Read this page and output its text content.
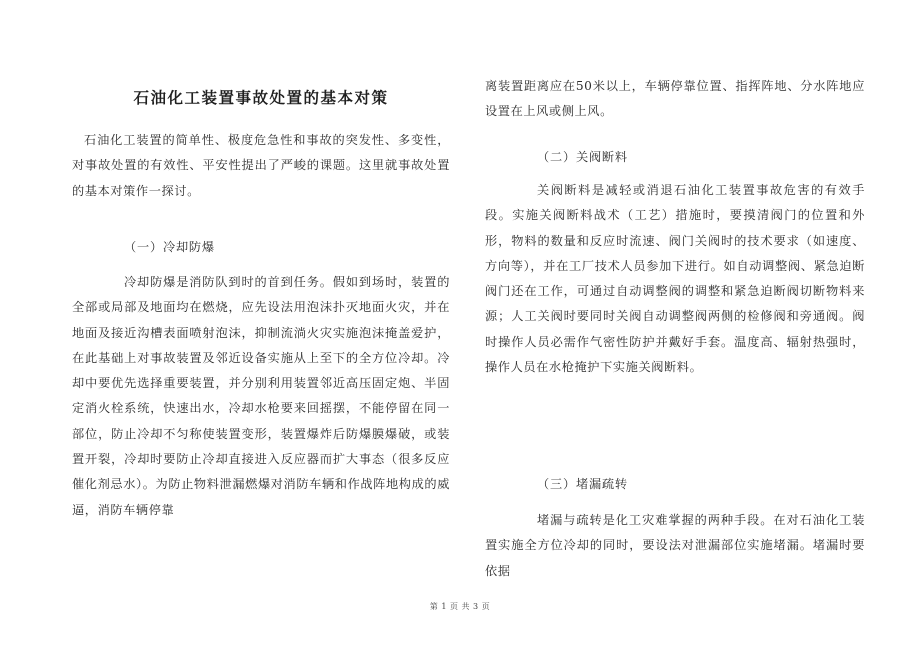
石油化工装置事故处置的基本对策

石油化工装置的简单性、极度危急性和事故的突发性、多变性，对事故处置的有效性、平安性提出了严峻的课题。这里就事故处置的基本对策作一探讨。

（一）冷却防爆

冷却防爆是消防队到时的首到任务。假如到场时，装置的全部或局部及地面均在燃烧，应先设法用泡沫扑灭地面火灾，并在地面及接近沟槽表面喷射泡沫，抑制流淌火灾实施泡沫掩盖爱护，在此基础上对事故装置及邻近设备实施从上至下的全方位冷却。冷却中要优先选择重要装置，并分别利用装置邻近高压固定炮、半固定消火栓系统，快速出水，冷却水枪要来回摇摆，不能停留在同一部位，防止冷却不匀称使装置变形，装置爆炸后防爆膜爆破，或装置开裂，冷却时要防止冷却直接进入反应器而扩大事态（很多反应催化剂忌水）。为防止物料泄漏燃爆对消防车辆和作战阵地构成的威逼，消防车辆停靠

离装置距离应在50米以上，车辆停靠位置、指挥阵地、分水阵地应设置在上风或侧上风。

（二）关阀断料

关阀断料是减轻或消退石油化工装置事故危害的有效手段。实施关阀断料战术（工艺）措施时，要摸清阀门的位置和外形，物料的数量和反应时流速、阀门关阀时的技术要求（如速度、方向等），并在工厂技术人员参加下进行。如自动调整阀、紧急迫断阀门还在工作，可通过自动调整阀的调整和紧急迫断阀切断物料来源；人工关阀时要同时关阀自动调整阀两侧的检修阀和旁通阀。阀时操作人员必需作气密性防护并戴好手套。温度高、辐射热强时，操作人员在水枪掩护下实施关阀断料。

（三）堵漏疏转

堵漏与疏转是化工灾难掌握的两种手段。在对石油化工装置实施全方位冷却的同时，要设法对泄漏部位实施堵漏。堵漏时要依据

第 1 页 共 3 页
